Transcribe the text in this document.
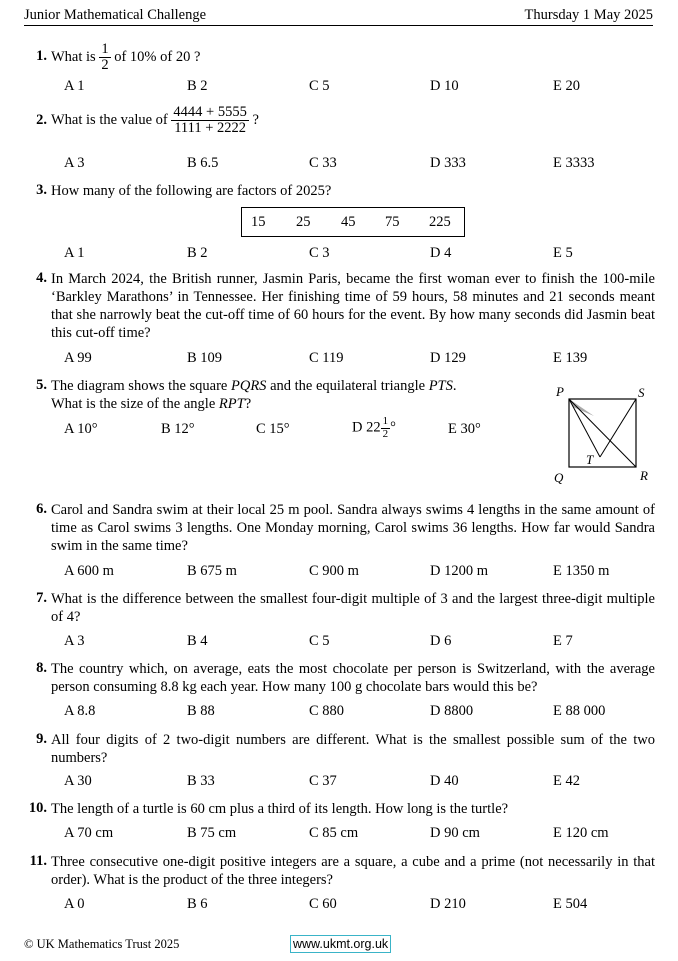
Junior Mathematical Challenge	Thursday 1 May 2025
1. What is $\frac{1}{2}$ of 10% of 20 ?
A 1	B 2	C 5	D 10	E 20
2. What is the value of $\frac{4444 + 5555}{1111 + 2222}$ ?
A 3	B 6.5	C 33	D 333	E 3333
3. How many of the following are factors of 2025?
15 25 45 75 225
A 1	B 2	C 3	D 4	E 5
4. In March 2024, the British runner, Jasmin Paris, became the first woman ever to finish the 100-mile ‘Barkley Marathons’ in Tennessee. Her finishing time of 59 hours, 58 minutes and 21 seconds meant that she narrowly beat the cut-off time of 60 hours for the event. By how many seconds did Jasmin beat this cut-off time?
A 99	B 109	C 119	D 129	E 139
5. The diagram shows the square PQRS and the equilateral triangle PTS.
What is the size of the angle RPT?
A 10°	B 12°	C 15°	D $22 \frac{1}{2}$ °	E 30°
P	S
Q	R
T
6. Carol and Sandra swim at their local 25 m pool. Sandra always swims 4 lengths in the same amount of time as Carol swims 3 lengths. One Monday morning, Carol swims 36 lengths. How far would Sandra swim in the same time?
A 600 m	B 675 m	C 900 m	D 1200 m	E 1350 m
7. What is the difference between the smallest four-digit multiple of 3 and the largest three-digit multiple of 4?
A 3	B 4	C 5	D 6	E 7
8. The country which, on average, eats the most chocolate per person is Switzerland, with the average person consuming 8.8 kg each year. How many 100 g chocolate bars would this be?
A 8.8	B 88	C 880	D 8800	E 88 000
9. All four digits of 2 two-digit numbers are different. What is the smallest possible sum of the two numbers?
A 30	B 33	C 37	D 40	E 42
10. The length of a turtle is 60 cm plus a third of its length. How long is the turtle?
A 70 cm	B 75 cm	C 85 cm	D 90 cm	E 120 cm
11. Three consecutive one-digit positive integers are a square, a cube and a prime (not necessarily in that order). What is the product of the three integers?
A 0	B 6	C 60	D 210	E 504
© UK Mathematics Trust 2025	www.ukmt.org.uk
